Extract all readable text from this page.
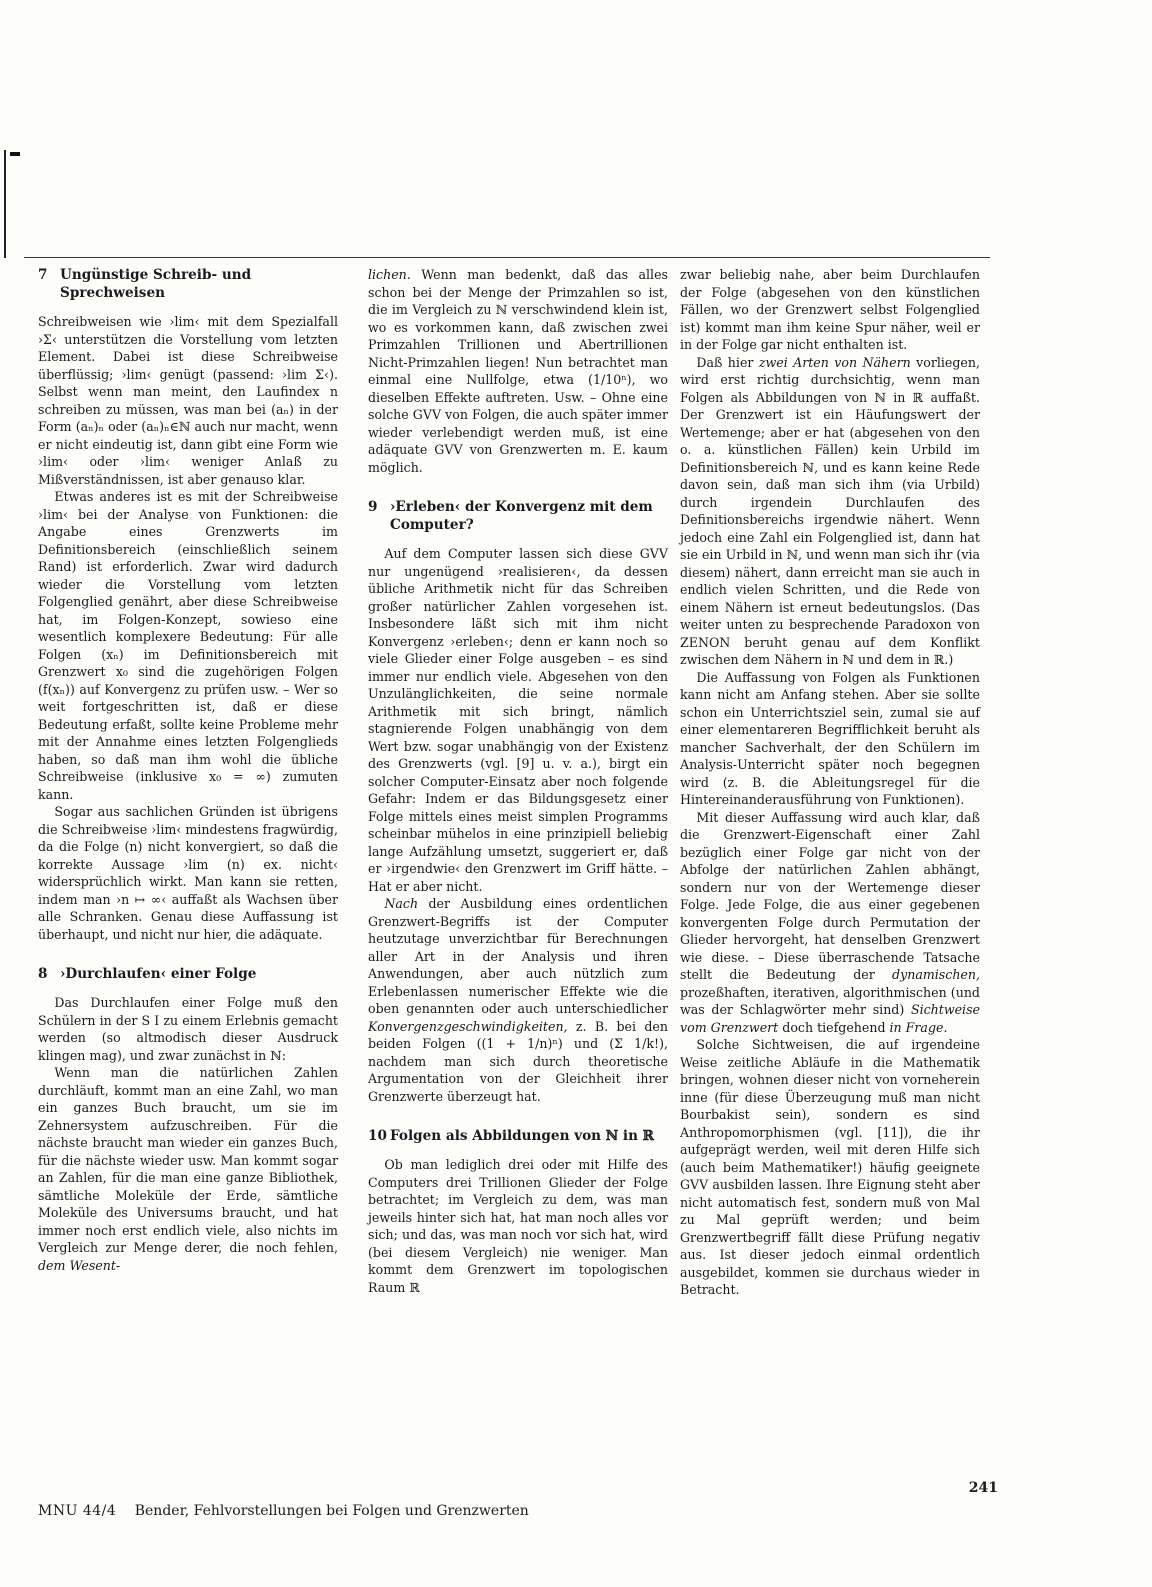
7 Ungünstige Schreib- und Sprechweisen

Schreibweisen wie ›lim‹ mit dem Spezialfall ›Σ‹ unterstützen die Vorstellung vom letzten Element. Dabei ist diese Schreibweise überflüssig; ›lim‹ genügt (passend: ›lim Σ‹). Selbst wenn man meint, den Laufindex n schreiben zu müssen, was man bei (aₙ) in der Form (aₙ)ₙ oder (aₙ)ₙ∈ℕ auch nur macht, wenn er nicht eindeutig ist, dann gibt eine Form wie ›lim‹ oder ›lim‹ weniger Anlaß zu Mißverständnissen, ist aber genauso klar.

Etwas anderes ist es mit der Schreibweise ›lim‹ bei der Analyse von Funktionen: die Angabe eines Grenzwerts im Definitionsbereich (einschließlich seinem Rand) ist erforderlich. Zwar wird dadurch wieder die Vorstellung vom letzten Folgenglied genährt, aber diese Schreibweise hat, im Folgen-Konzept, sowieso eine wesentlich komplexere Bedeutung: Für alle Folgen (xₙ) im Definitionsbereich mit Grenzwert x₀ sind die zugehörigen Folgen (f(xₙ)) auf Konvergenz zu prüfen usw. – Wer so weit fortgeschritten ist, daß er diese Bedeutung erfaßt, sollte keine Probleme mehr mit der Annahme eines letzten Folgenglieds haben, so daß man ihm wohl die übliche Schreibweise (inklusive x₀ = ∞) zumuten kann.

Sogar aus sachlichen Gründen ist übrigens die Schreibweise ›lim‹ mindestens fragwürdig, da die Folge (n) nicht konvergiert, so daß die korrekte Aussage ›lim (n) ex. nicht‹ widersprüchlich wirkt. Man kann sie retten, indem man ›n ↦ ∞‹ auffaßt als Wachsen über alle Schranken. Genau diese Auffassung ist überhaupt, und nicht nur hier, die adäquate.

8 ›Durchlaufen‹ einer Folge

Das Durchlaufen einer Folge muß den Schülern in der S I zu einem Erlebnis gemacht werden (so altmodisch dieser Ausdruck klingen mag), und zwar zunächst in ℕ:

Wenn man die natürlichen Zahlen durchläuft, kommt man an eine Zahl, wo man ein ganzes Buch braucht, um sie im Zehnersystem aufzuschreiben. Für die nächste braucht man wieder ein ganzes Buch, für die nächste wieder usw. Man kommt sogar an Zahlen, für die man eine ganze Bibliothek, sämtliche Moleküle der Erde, sämtliche Moleküle des Universums braucht, und hat immer noch erst endlich viele, also nichts im Vergleich zur Menge derer, die noch fehlen, dem Wesent-

lichen. Wenn man bedenkt, daß das alles schon bei der Menge der Primzahlen so ist, die im Vergleich zu ℕ verschwindend klein ist, wo es vorkommen kann, daß zwischen zwei Primzahlen Trillionen und Abertrillionen Nicht-Primzahlen liegen! Nun betrachtet man einmal eine Nullfolge, etwa (1/10ⁿ), wo dieselben Effekte auftreten. Usw. – Ohne eine solche GVV von Folgen, die auch später immer wieder verlebendigt werden muß, ist eine adäquate GVV von Grenzwerten m. E. kaum möglich.

9 ›Erleben‹ der Konvergenz mit dem Computer?

Auf dem Computer lassen sich diese GVV nur ungenügend ›realisieren‹, da dessen übliche Arithmetik nicht für das Schreiben großer natürlicher Zahlen vorgesehen ist. Insbesondere läßt sich mit ihm nicht Konvergenz ›erleben‹; denn er kann noch so viele Glieder einer Folge ausgeben – es sind immer nur endlich viele. Abgesehen von den Unzulänglichkeiten, die seine normale Arithmetik mit sich bringt, nämlich stagnierende Folgen unabhängig von dem Wert bzw. sogar unabhängig von der Existenz des Grenzwerts (vgl. [9] u. v. a.), birgt ein solcher Computer-Einsatz aber noch folgende Gefahr: Indem er das Bildungsgesetz einer Folge mittels eines meist simplen Programms scheinbar mühelos in eine prinzipiell beliebig lange Aufzählung umsetzt, suggeriert er, daß er ›irgendwie‹ den Grenzwert im Griff hätte. – Hat er aber nicht.

Nach der Ausbildung eines ordentlichen Grenzwert-Begriffs ist der Computer heutzutage unverzichtbar für Berechnungen aller Art in der Analysis und ihren Anwendungen, aber auch nützlich zum Erlebenlassen numerischer Effekte wie die oben genannten oder auch unterschiedlicher Konvergenzgeschwindigkeiten, z. B. bei den beiden Folgen ((1 + 1/n)ⁿ) und (Σ 1/k!), nachdem man sich durch theoretische Argumentation von der Gleichheit ihrer Grenzwerte überzeugt hat.

10 Folgen als Abbildungen von ℕ in ℝ

Ob man lediglich drei oder mit Hilfe des Computers drei Trillionen Glieder der Folge betrachtet; im Vergleich zu dem, was man jeweils hinter sich hat, hat man noch alles vor sich; und das, was man noch vor sich hat, wird (bei diesem Vergleich) nie weniger. Man kommt dem Grenzwert im topologischen Raum ℝ

zwar beliebig nahe, aber beim Durchlaufen der Folge (abgesehen von den künstlichen Fällen, wo der Grenzwert selbst Folgenglied ist) kommt man ihm keine Spur näher, weil er in der Folge gar nicht enthalten ist.

Daß hier zwei Arten von Nähern vorliegen, wird erst richtig durchsichtig, wenn man Folgen als Abbildungen von ℕ in ℝ auffaßt. Der Grenzwert ist ein Häufungswert der Wertemenge; aber er hat (abgesehen von den o. a. künstlichen Fällen) kein Urbild im Definitionsbereich ℕ, und es kann keine Rede davon sein, daß man sich ihm (via Urbild) durch irgendein Durchlaufen des Definitionsbereichs irgendwie nähert. Wenn jedoch eine Zahl ein Folgenglied ist, dann hat sie ein Urbild in ℕ, und wenn man sich ihr (via diesem) nähert, dann erreicht man sie auch in endlich vielen Schritten, und die Rede von einem Nähern ist erneut bedeutungslos. (Das weiter unten zu besprechende Paradoxon von ZENON beruht genau auf dem Konflikt zwischen dem Nähern in ℕ und dem in ℝ.)

Die Auffassung von Folgen als Funktionen kann nicht am Anfang stehen. Aber sie sollte schon ein Unterrichtsziel sein, zumal sie auf einer elementareren Begrifflichkeit beruht als mancher Sachverhalt, der den Schülern im Analysis-Unterricht später noch begegnen wird (z. B. die Ableitungsregel für die Hintereinanderausführung von Funktionen).

Mit dieser Auffassung wird auch klar, daß die Grenzwert-Eigenschaft einer Zahl bezüglich einer Folge gar nicht von der Abfolge der natürlichen Zahlen abhängt, sondern nur von der Wertemenge dieser Folge. Jede Folge, die aus einer gegebenen konvergenten Folge durch Permutation der Glieder hervorgeht, hat denselben Grenzwert wie diese. – Diese überraschende Tatsache stellt die Bedeutung der dynamischen, prozeßhaften, iterativen, algorithmischen (und was der Schlagwörter mehr sind) Sichtweise vom Grenzwert doch tiefgehend in Frage.

Solche Sichtweisen, die auf irgendeine Weise zeitliche Abläufe in die Mathematik bringen, wohnen dieser nicht von vorneherein inne (für diese Überzeugung muß man nicht Bourbakist sein), sondern es sind Anthropomorphismen (vgl. [11]), die ihr aufgeprägt werden, weil mit deren Hilfe sich (auch beim Mathematiker!) häufig geeignete GVV ausbilden lassen. Ihre Eignung steht aber nicht automatisch fest, sondern muß von Mal zu Mal geprüft werden; und beim Grenzwertbegriff fällt diese Prüfung negativ aus. Ist dieser jedoch einmal ordentlich ausgebildet, kommen sie durchaus wieder in Betracht.

241
MNU 44/4 Bender, Fehlvorstellungen bei Folgen und Grenzwerten
